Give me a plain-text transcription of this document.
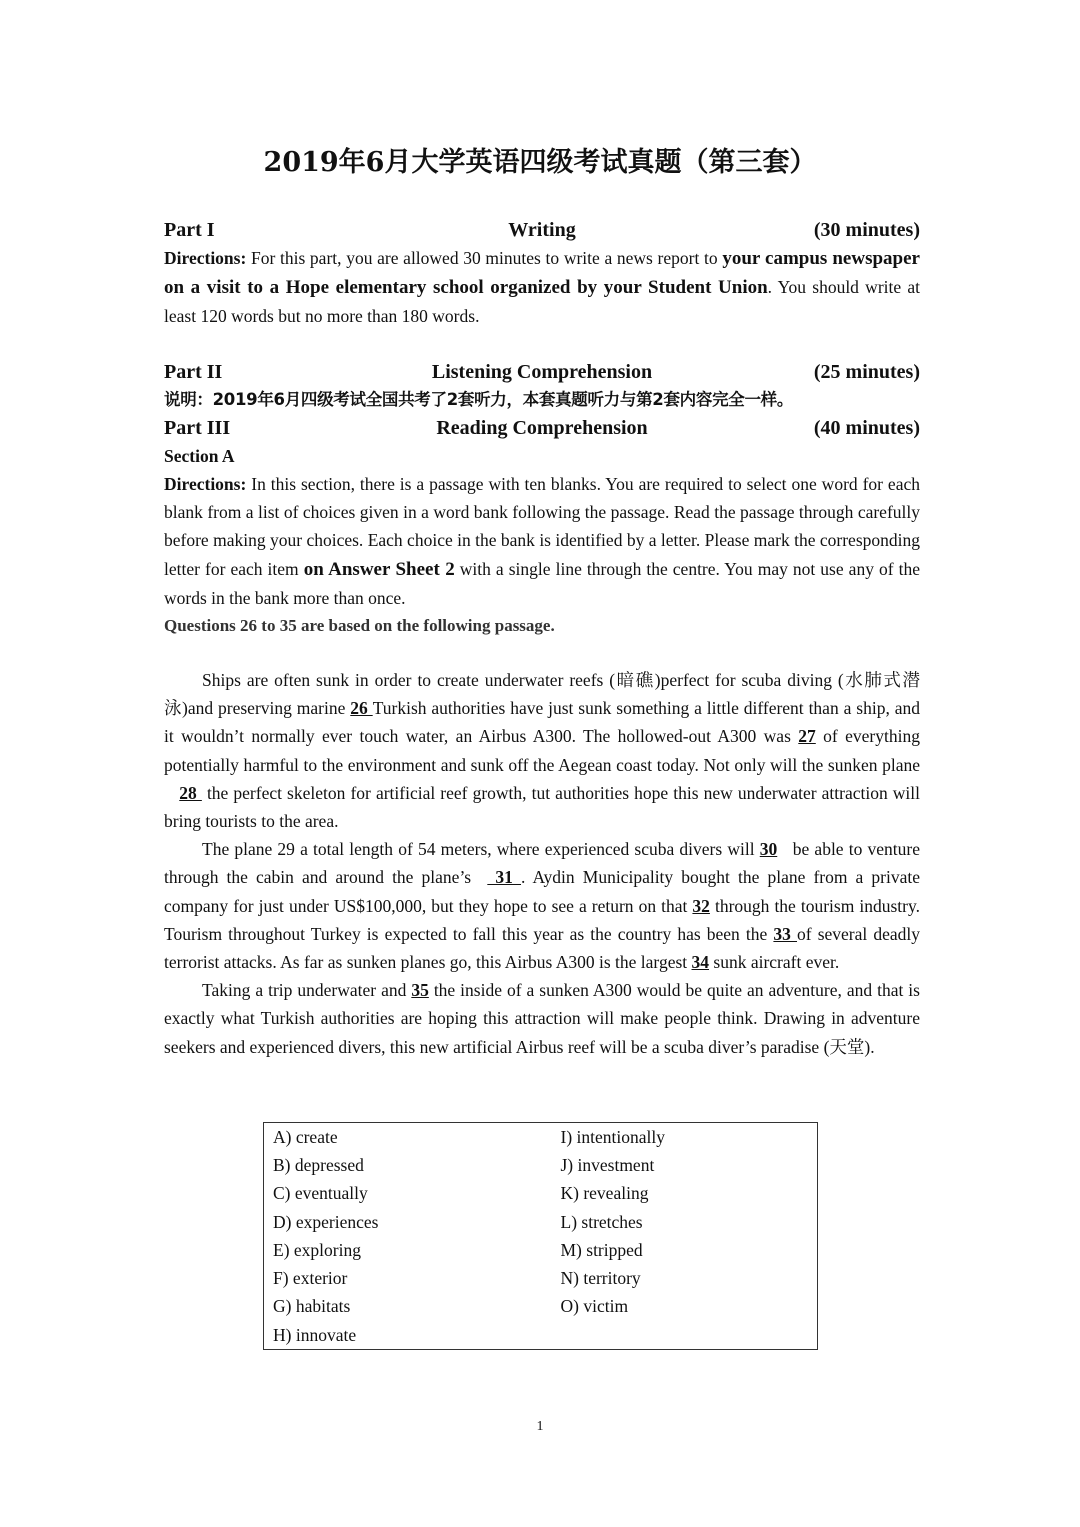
2019年6月大学英语四级考试真题（第三套）
Part I	Writing	(30 minutes)

Directions: For this part, you are allowed 30 minutes to write a news report to your campus newspaper on a visit to a Hope elementary school organized by your Student Union. You should write at least 120 words but no more than 180 words.

Part II	Listening Comprehension	(25 minutes)
说明：2019年6月四级考试全国共考了2套听力，本套真题听力与第2套内容完全一样。
Part III	Reading Comprehension	(40 minutes)
Section A

Directions: In this section, there is a passage with ten blanks. You are required to select one word for each blank from a list of choices given in a word bank following the passage. Read the passage through carefully before making your choices. Each choice in the bank is identified by a letter. Please mark the corresponding letter for each item on Answer Sheet 2 with a single line through the centre. You may not use any of the words in the bank more than once.

Questions 26 to 35 are based on the following passage.

Ships are often sunk in order to create underwater reefs (暗礁)perfect for scuba diving (水肺式潜泳)and preserving marine 26 Turkish authorities have just sunk something a little different than a ship, and it wouldn’t normally ever touch water, an Airbus A300. The hollowed-out A300 was 27 of everything potentially harmful to the environment and sunk off the Aegean coast today. Not only will the sunken plane    28  the perfect skeleton for artificial reef growth, tut authorities hope this new underwater attraction will bring tourists to the area.

The plane 29 a total length of 54 meters, where experienced scuba divers will 30   be able to venture through the cabin and around the plane’s   31 . Aydin Municipality bought the plane from a private company for just under US$100,000, but they hope to see a return on that 32 through the tourism industry. Tourism throughout Turkey is expected to fall this year as the country has been the 33 of several deadly terrorist attacks. As far as sunken planes go, this Airbus A300 is the largest 34 sunk aircraft ever.

Taking a trip underwater and 35 the inside of a sunken A300 would be quite an adventure, and that is exactly what Turkish authorities are hoping this attraction will make people think. Drawing in adventure seekers and experienced divers, this new artificial Airbus reef will be a scuba diver’s paradise (天堂).

A) create	I) intentionally
B) depressed	J) investment
C) eventually	K) revealing
D) experiences	L) stretches
E) exploring	M) stripped
F) exterior	N) territory
G) habitats	O) victim
H) innovate	
1
